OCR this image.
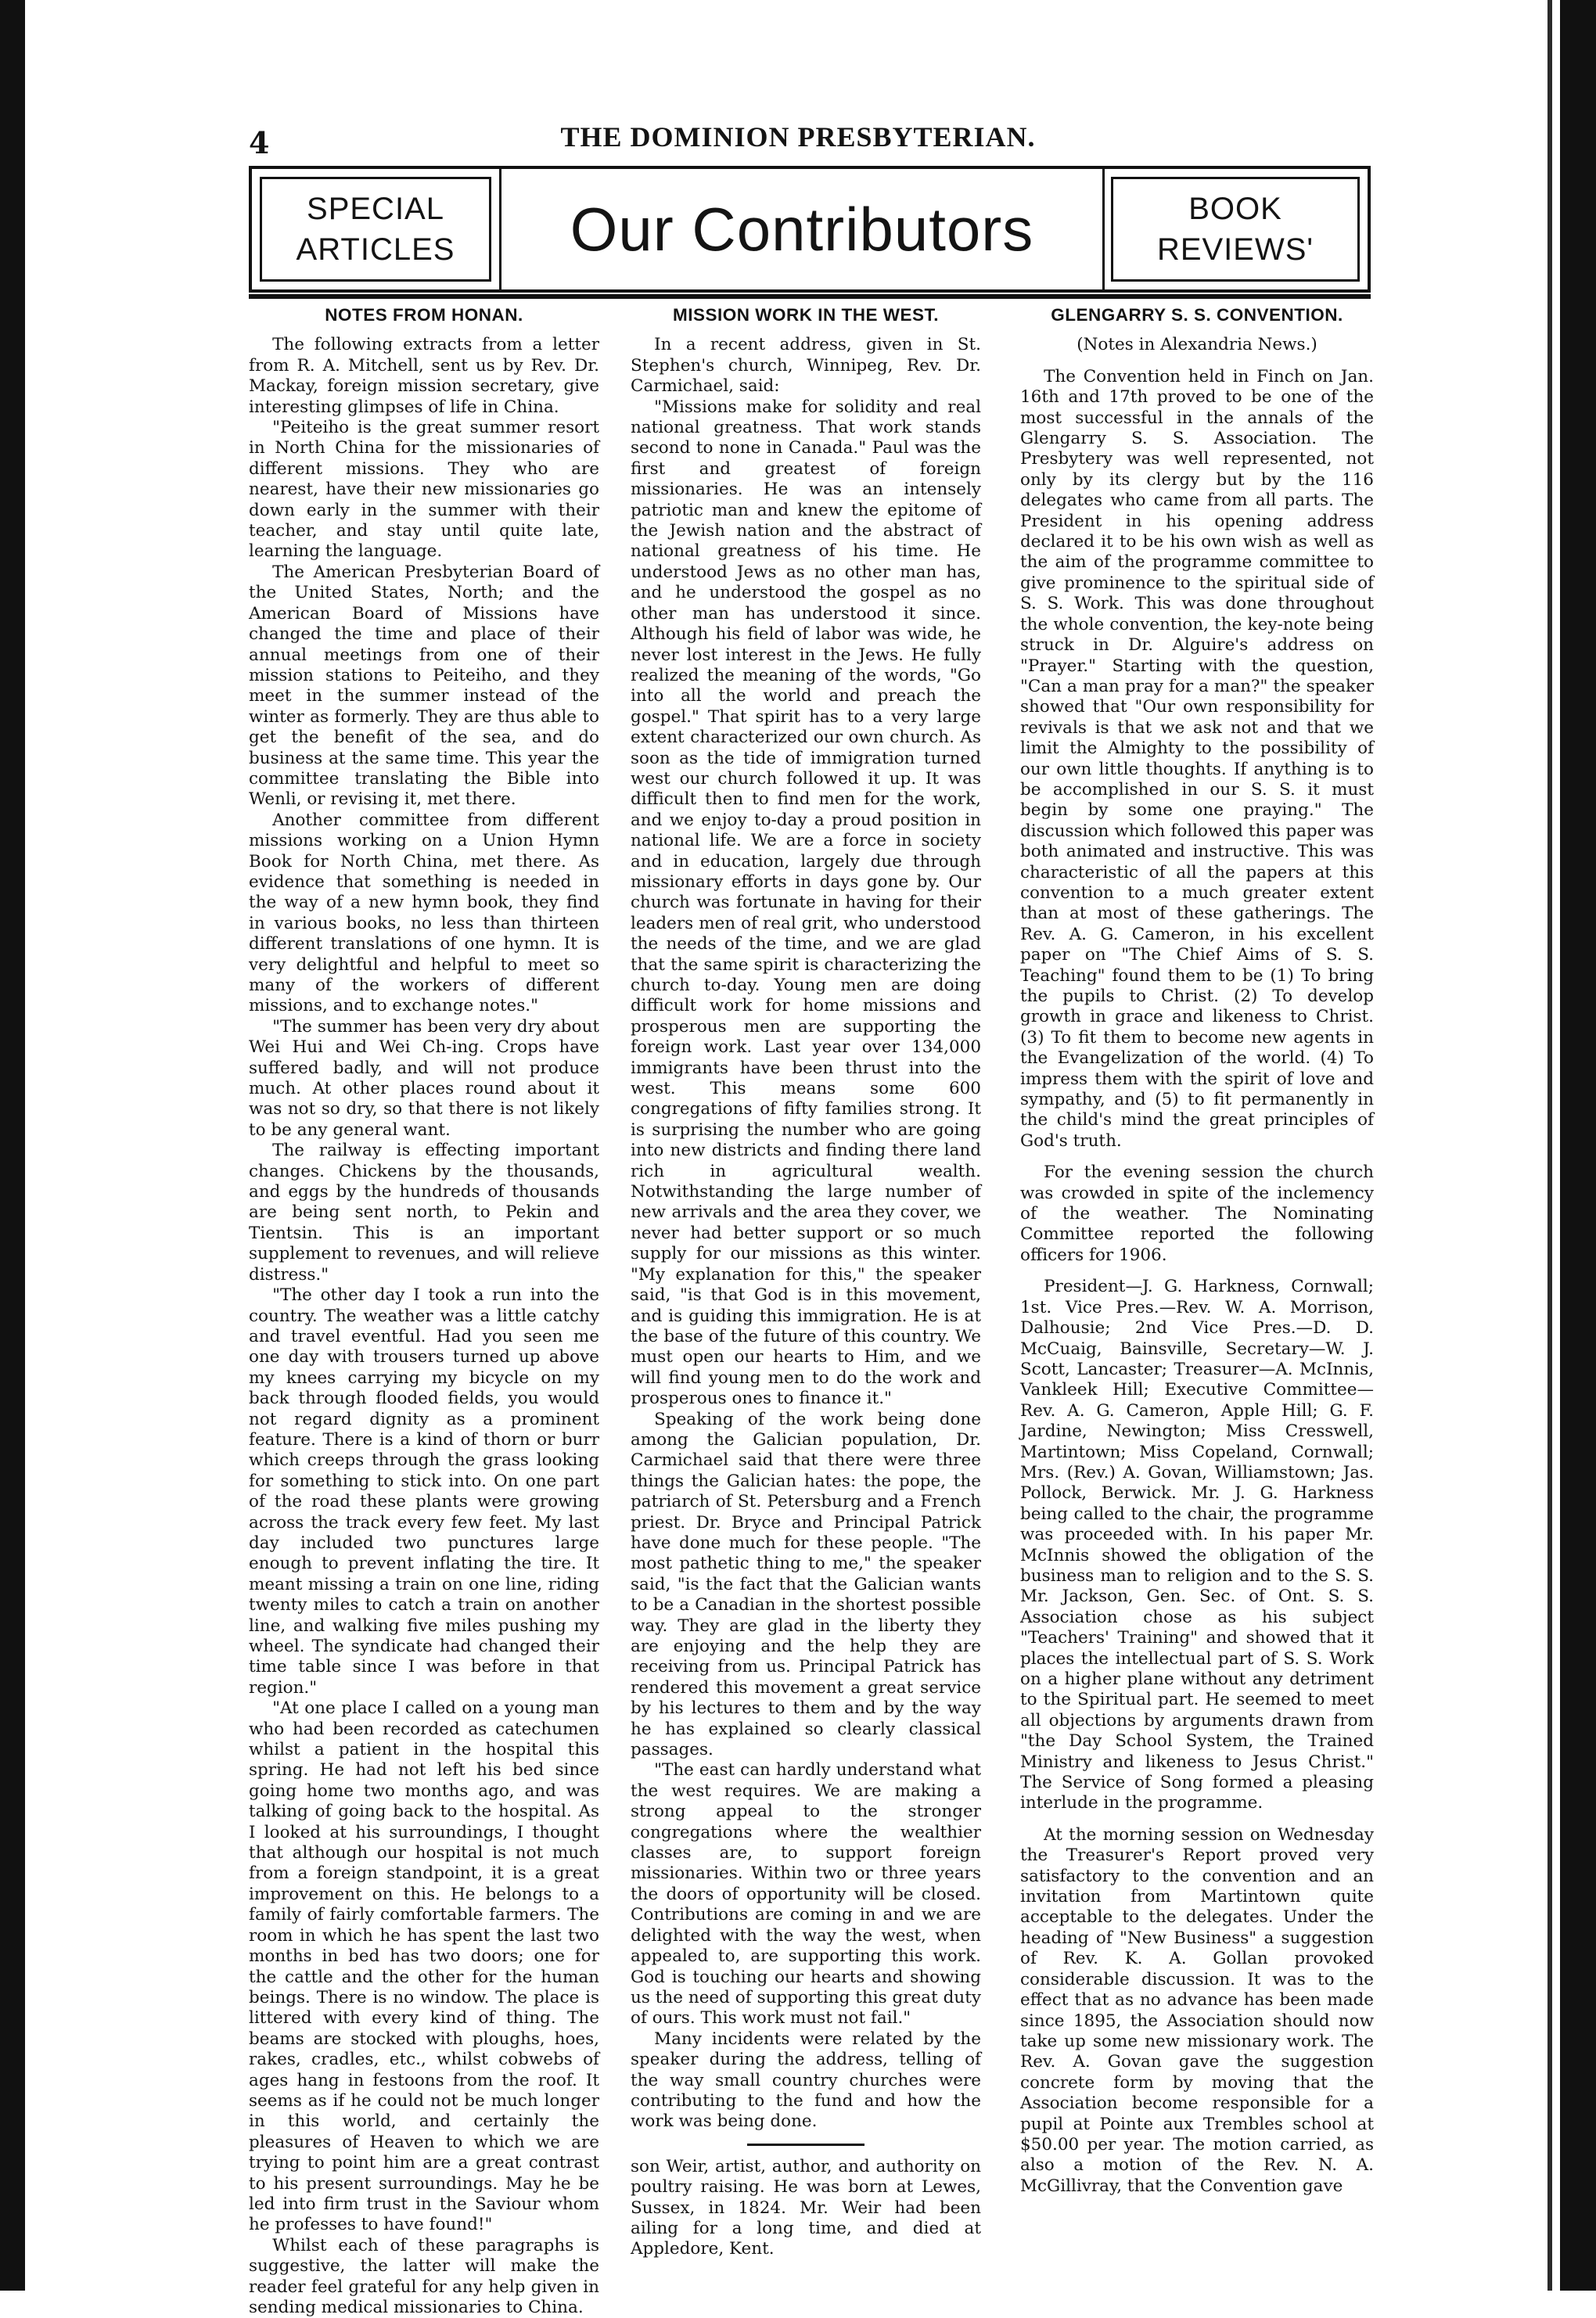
4	THE DOMINION PRESBYTERIAN.
SPECIAL
ARTICLES	Our Contributors	BOOK
REVIEWS'
NOTES FROM HONAN.

The following extracts from a letter from R. A. Mitchell, sent us by Rev. Dr. Mackay, foreign mission secretary, give interesting glimpses of life in China.

"Peiteiho is the great summer resort in North China for the missionaries of different missions. They who are nearest, have their new missionaries go down early in the summer with their teacher, and stay until quite late, learning the language.

The American Presbyterian Board of the United States, North; and the American Board of Missions have changed the time and place of their annual meetings from one of their mission stations to Peiteiho, and they meet in the summer instead of the winter as formerly. They are thus able to get the benefit of the sea, and do business at the same time. This year the committee translating the Bible into Wenli, or revising it, met there.

Another committee from different missions working on a Union Hymn Book for North China, met there. As evidence that something is needed in the way of a new hymn book, they find in various books, no less than thirteen different translations of one hymn. It is very delightful and helpful to meet so many of the workers of different missions, and to exchange notes."

"The summer has been very dry about Wei Hui and Wei Ch-ing. Crops have suffered badly, and will not produce much. At other places round about it was not so dry, so that there is not likely to be any general want.

The railway is effecting important changes. Chickens by the thousands, and eggs by the hundreds of thousands are being sent north, to Pekin and Tientsin. This is an important supplement to revenues, and will relieve distress."

"The other day I took a run into the country. The weather was a little catchy and travel eventful. Had you seen me one day with trousers turned up above my knees carrying my bicycle on my back through flooded fields, you would not regard dignity as a prominent feature. There is a kind of thorn or burr which creeps through the grass looking for something to stick into. On one part of the road these plants were growing across the track every few feet. My last day included two punctures large enough to prevent inflating the tire. It meant missing a train on one line, riding twenty miles to catch a train on another line, and walking five miles pushing my wheel. The syndicate had changed their time table since I was before in that region."

"At one place I called on a young man who had been recorded as catechumen whilst a patient in the hospital this spring. He had not left his bed since going home two months ago, and was talking of going back to the hospital. As I looked at his surroundings, I thought that although our hospital is not much from a foreign standpoint, it is a great improvement on this. He belongs to a family of fairly comfortable farmers. The room in which he has spent the last two months in bed has two doors; one for the cattle and the other for the human beings. There is no window. The place is littered with every kind of thing. The beams are stocked with ploughs, hoes, rakes, cradles, etc., whilst cobwebs of ages hang in festoons from the roof. It seems as if he could not be much longer in this world, and certainly the pleasures of Heaven to which we are trying to point him are a great contrast to his present surroundings. May he be led into firm trust in the Saviour whom he professes to have found!"

Whilst each of these paragraphs is suggestive, the latter will make the reader feel grateful for any help given in sending medical missionaries to China.

MISSION WORK IN THE WEST.

In a recent address, given in St. Stephen's church, Winnipeg, Rev. Dr. Carmichael, said:

"Missions make for solidity and real national greatness. That work stands second to none in Canada." Paul was the first and greatest of foreign missionaries. He was an intensely patriotic man and knew the epitome of the Jewish nation and the abstract of national greatness of his time. He understood Jews as no other man has, and he understood the gospel as no other man has understood it since. Although his field of labor was wide, he never lost interest in the Jews. He fully realized the meaning of the words, "Go into all the world and preach the gospel." That spirit has to a very large extent characterized our own church. As soon as the tide of immigration turned west our church followed it up. It was difficult then to find men for the work, and we enjoy to-day a proud position in national life. We are a force in society and in education, largely due through missionary efforts in days gone by. Our church was fortunate in having for their leaders men of real grit, who understood the needs of the time, and we are glad that the same spirit is characterizing the church to-day. Young men are doing difficult work for home missions and prosperous men are supporting the foreign work. Last year over 134,000 immigrants have been thrust into the west. This means some 600 congregations of fifty families strong. It is surprising the number who are going into new districts and finding there land rich in agricultural wealth. Notwithstanding the large number of new arrivals and the area they cover, we never had better support or so much supply for our missions as this winter. "My explanation for this," the speaker said, "is that God is in this movement, and is guiding this immigration. He is at the base of the future of this country. We must open our hearts to Him, and we will find young men to do the work and prosperous ones to finance it."

Speaking of the work being done among the Galician population, Dr. Carmichael said that there were three things the Galician hates: the pope, the patriarch of St. Petersburg and a French priest. Dr. Bryce and Principal Patrick have done much for these people. "The most pathetic thing to me," the speaker said, "is the fact that the Galician wants to be a Canadian in the shortest possible way. They are glad in the liberty they are enjoying and the help they are receiving from us. Principal Patrick has rendered this movement a great service by his lectures to them and by the way he has explained so clearly classical passages.

"The east can hardly understand what the west requires. We are making a strong appeal to the stronger congregations where the wealthier classes are, to support foreign missionaries. Within two or three years the doors of opportunity will be closed. Contributions are coming in and we are delighted with the way the west, when appealed to, are supporting this work. God is touching our hearts and showing us the need of supporting this great duty of ours. This work must not fail."

Many incidents were related by the speaker during the address, telling of the way small country churches were contributing to the fund and how the work was being done.

son Weir, artist, author, and authority on poultry raising. He was born at Lewes, Sussex, in 1824. Mr. Weir had been ailing for a long time, and died at Appledore, Kent.

GLENGARRY S. S. CONVENTION.

(Notes in Alexandria News.)

The Convention held in Finch on Jan. 16th and 17th proved to be one of the most successful in the annals of the Glengarry S. S. Association. The Presbytery was well represented, not only by its clergy but by the 116 delegates who came from all parts. The President in his opening address declared it to be his own wish as well as the aim of the programme committee to give prominence to the spiritual side of S. S. Work. This was done throughout the whole convention, the key-note being struck in Dr. Alguire's address on "Prayer." Starting with the question, "Can a man pray for a man?" the speaker showed that "Our own responsibility for revivals is that we ask not and that we limit the Almighty to the possibility of our own little thoughts. If anything is to be accomplished in our S. S. it must begin by some one praying." The discussion which followed this paper was both animated and instructive. This was characteristic of all the papers at this convention to a much greater extent than at most of these gatherings. The Rev. A. G. Cameron, in his excellent paper on "The Chief Aims of S. S. Teaching" found them to be (1) To bring the pupils to Christ. (2) To develop growth in grace and likeness to Christ. (3) To fit them to become new agents in the Evangelization of the world. (4) To impress them with the spirit of love and sympathy, and (5) to fit permanently in the child's mind the great principles of God's truth.

For the evening session the church was crowded in spite of the inclemency of the weather. The Nominating Committee reported the following officers for 1906.

President—J. G. Harkness, Cornwall; 1st. Vice Pres.—Rev. W. A. Morrison, Dalhousie; 2nd Vice Pres.—D. D. McCuaig, Bainsville, Secretary—W. J. Scott, Lancaster; Treasurer—A. McInnis, Vankleek Hill; Executive Committee—Rev. A. G. Cameron, Apple Hill; G. F. Jardine, Newington; Miss Cresswell, Martintown; Miss Copeland, Cornwall; Mrs. (Rev.) A. Govan, Williamstown; Jas. Pollock, Berwick. Mr. J. G. Harkness being called to the chair, the programme was proceeded with. In his paper Mr. McInnis showed the obligation of the business man to religion and to the S. S. Mr. Jackson, Gen. Sec. of Ont. S. S. Association chose as his subject "Teachers' Training" and showed that it places the intellectual part of S. S. Work on a higher plane without any detriment to the Spiritual part. He seemed to meet all objections by arguments drawn from "the Day School System, the Trained Ministry and likeness to Jesus Christ." The Service of Song formed a pleasing interlude in the programme.

At the morning session on Wednesday the Treasurer's Report proved very satisfactory to the convention and an invitation from Martintown quite acceptable to the delegates. Under the heading of "New Business" a suggestion of Rev. K. A. Gollan provoked considerable discussion. It was to the effect that as no advance has been made since 1895, the Association should now take up some new missionary work. The Rev. A. Govan gave the suggestion concrete form by moving that the Association become responsible for a pupil at Pointe aux Trembles school at $50.00 per year. The motion carried, as also a motion of the Rev. N. A. McGillivray, that the Convention gave
